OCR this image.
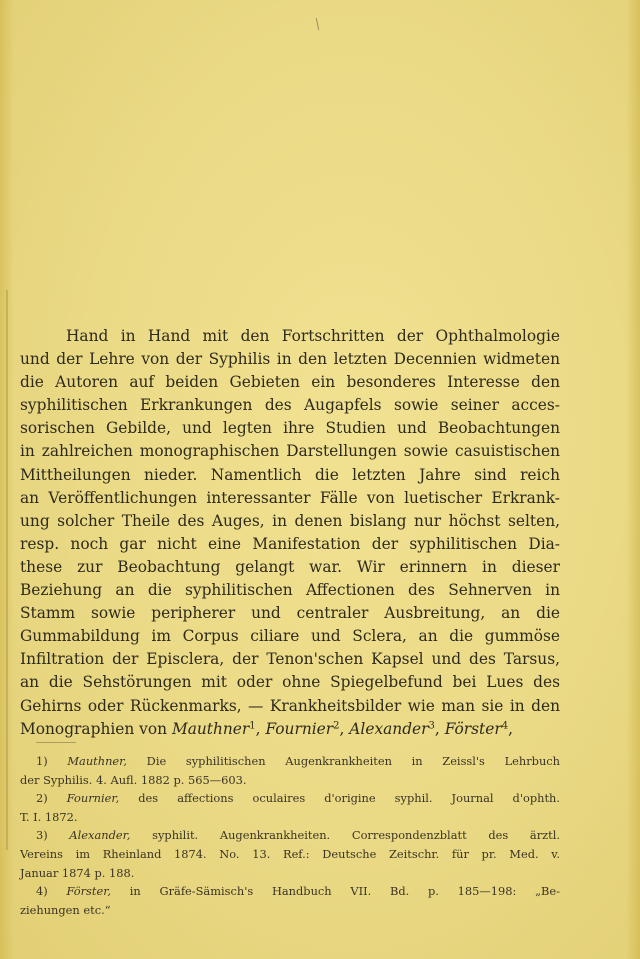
Hand in Hand mit den Fortschritten der Ophthalmologie
und der Lehre von der Syphilis in den letzten Decennien widmeten
die Autoren auf beiden Gebieten ein besonderes Interesse den
syphilitischen Erkrankungen des Augapfels sowie seiner acces-
sorischen Gebilde, und legten ihre Studien und Beobachtungen
in zahlreichen monographischen Darstellungen sowie casuistischen
Mittheilungen nieder. Namentlich die letzten Jahre sind reich
an Veröffentlichungen interessanter Fälle von luetischer Erkrank-
ung solcher Theile des Auges, in denen bislang nur höchst selten,
resp. noch gar nicht eine Manifestation der syphilitischen Dia-
these zur Beobachtung gelangt war. Wir erinnern in dieser
Beziehung an die syphilitischen Affectionen des Sehnerven in
Stamm sowie peripherer und centraler Ausbreitung, an die
Gummabildung im Corpus ciliare und Sclera, an die gummöse
Infiltration der Episclera, der Tenon'schen Kapsel und des Tarsus,
an die Sehstörungen mit oder ohne Spiegelbefund bei Lues des
Gehirns oder Rückenmarks, — Krankheitsbilder wie man sie in den
Monographien von Mauthner$^1$, Fournier$^2$, Alexander$^3$, Förster$^4$,
1) Mauthner, Die syphilitischen Augenkrankheiten in Zeissl's Lehrbuch
der Syphilis. 4. Aufl. 1882 p. 565—603.
2) Fournier, des affections oculaires d'origine syphil. Journal d'ophth.
T. I. 1872.
3) Alexander, syphilit. Augenkrankheiten. Correspondenzblatt des ärztl.
Vereins im Rheinland 1874. No. 13. Ref.: Deutsche Zeitschr. für pr. Med. v.
Januar 1874 p. 188.
4) Förster, in Gräfe-Sämisch's Handbuch VII. Bd. p. 185—198: „Be-
ziehungen etc.“
